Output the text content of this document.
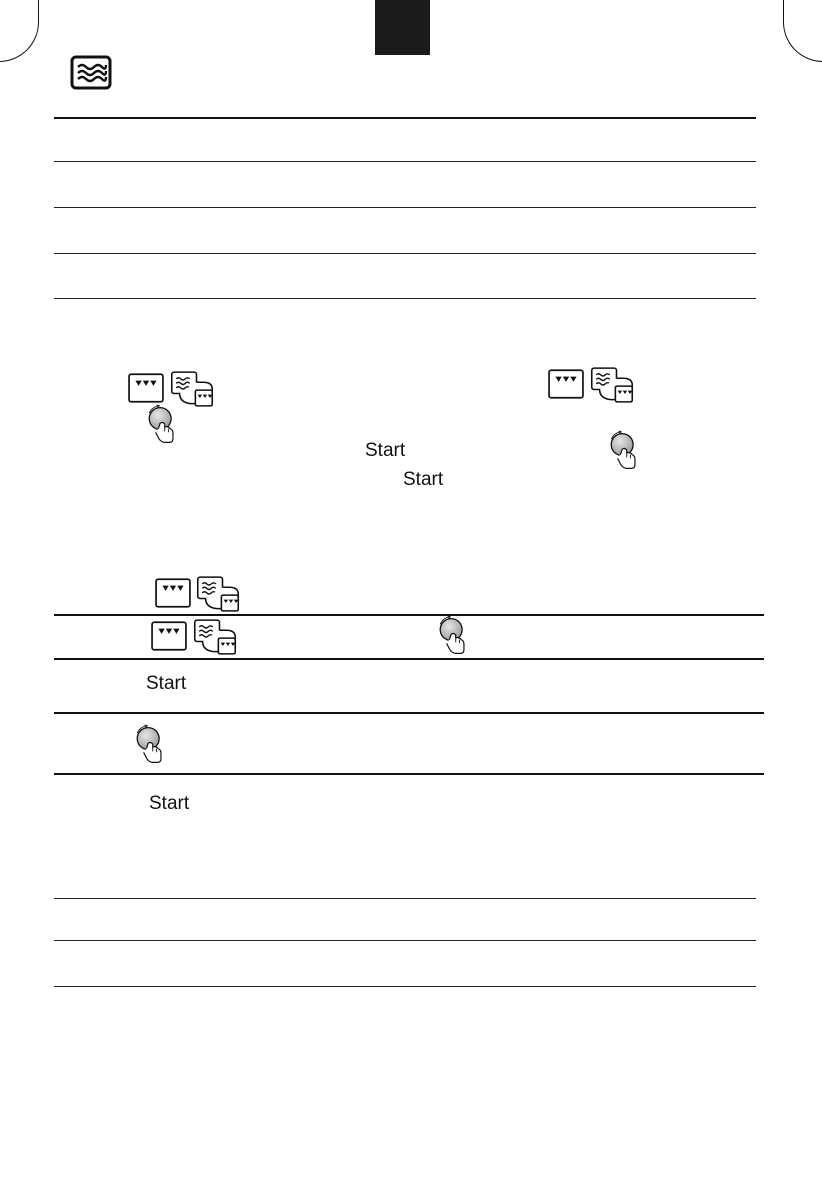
Start
Start
Start
Start
